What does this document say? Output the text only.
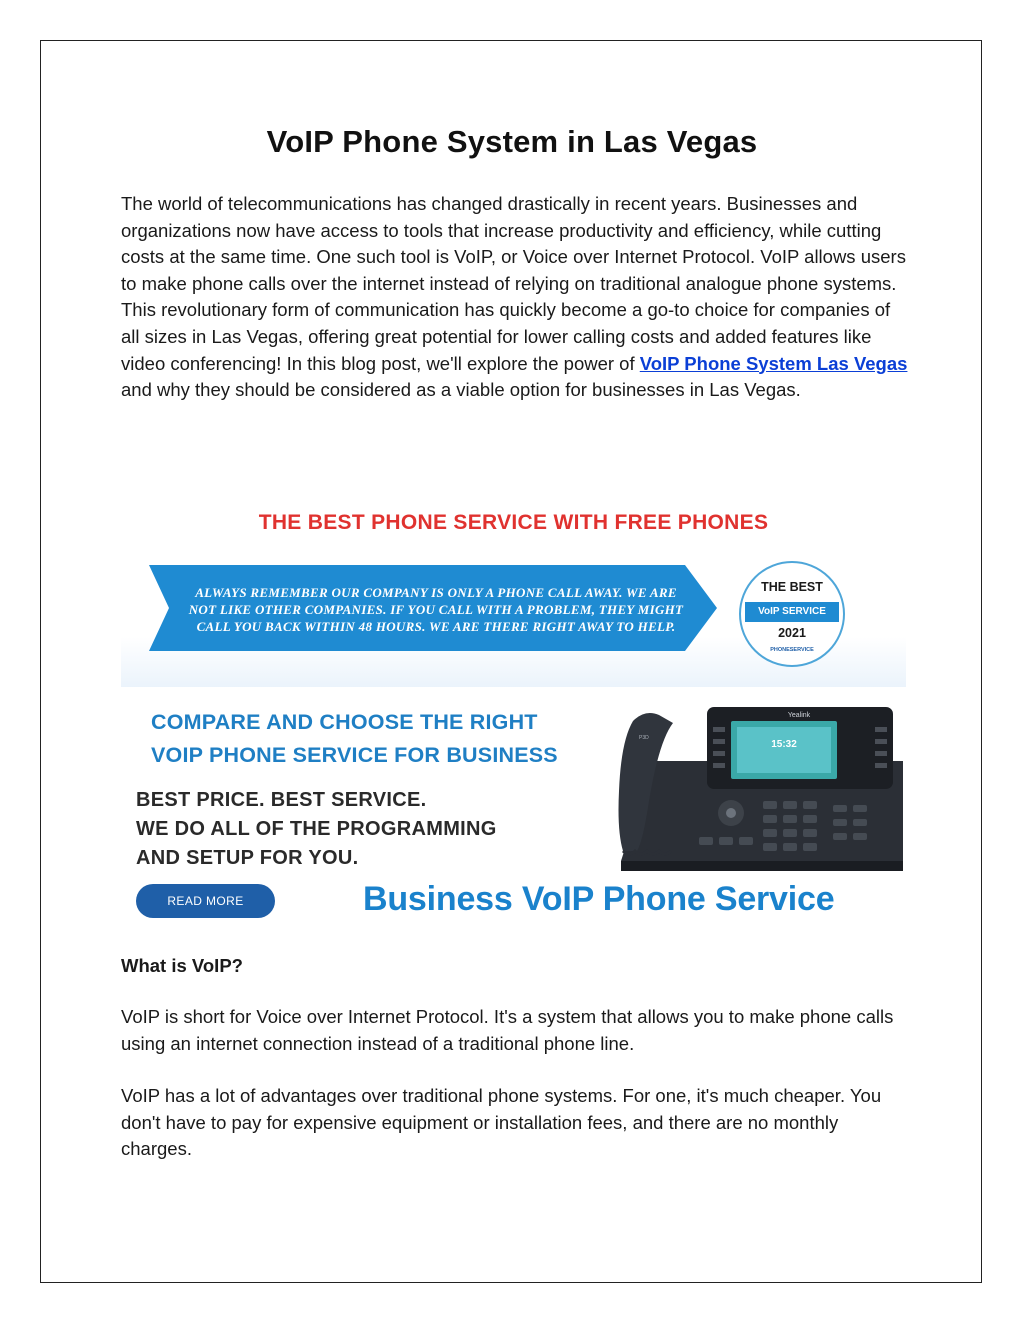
VoIP Phone System in Las Vegas

The world of telecommunications has changed drastically in recent years. Businesses and organizations now have access to tools that increase productivity and efficiency, while cutting costs at the same time. One such tool is VoIP, or Voice over Internet Protocol. VoIP allows users to make phone calls over the internet instead of relying on traditional analogue phone systems. This revolutionary form of communication has quickly become a go-to choice for companies of all sizes in Las Vegas, offering great potential for lower calling costs and added features like video conferencing! In this blog post, we'll explore the power of VoIP Phone System Las Vegas and why they should be considered as a viable option for businesses in Las Vegas.

THE BEST PHONE SERVICE WITH FREE PHONES
ALWAYS REMEMBER OUR COMPANY IS ONLY A PHONE CALL AWAY. WE ARE
NOT LIKE OTHER COMPANIES. IF YOU CALL WITH A PROBLEM, THEY MIGHT
CALL YOU BACK WITHIN 48 HOURS. WE ARE THERE RIGHT AWAY TO HELP.
THE BEST
VoIP SERVICE
2021
PHONESERVICE
COMPARE AND CHOOSE THE RIGHT
VOIP PHONE SERVICE FOR BUSINESS
BEST PRICE. BEST SERVICE.
WE DO ALL OF THE PROGRAMMING
AND SETUP FOR YOU.
READ MORE
15:32
Yealink
P3D
Business VoIP Phone Service
What is VoIP?

VoIP is short for Voice over Internet Protocol. It's a system that allows you to make phone calls using an internet connection instead of a traditional phone line.

VoIP has a lot of advantages over traditional phone systems. For one, it's much cheaper. You don't have to pay for expensive equipment or installation fees, and there are no monthly charges.
